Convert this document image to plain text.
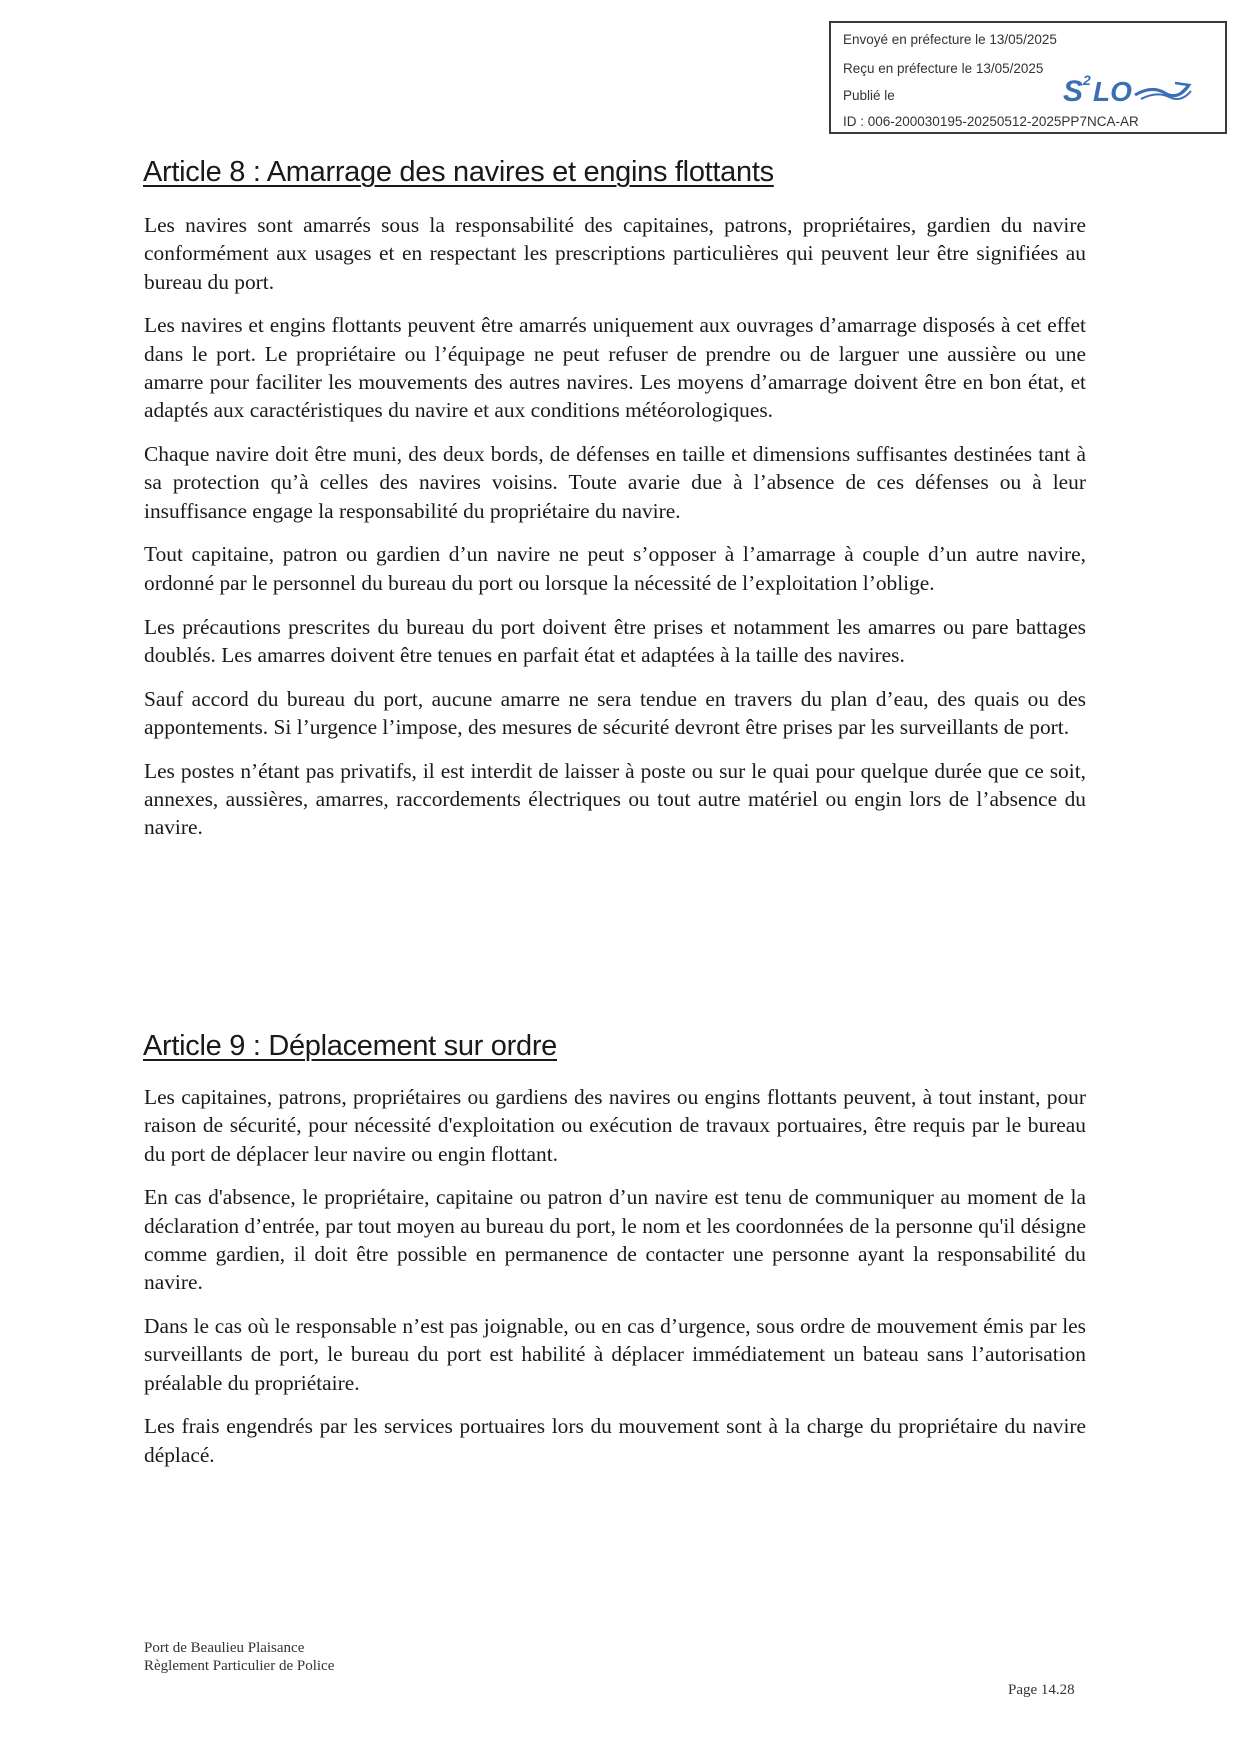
Envoyé en préfecture le 13/05/2025
Reçu en préfecture le 13/05/2025
Publié le
ID : 006-200030195-20250512-2025PP7NCA-AR
S 2 LO
Article 8 : Amarrage des navires et engins flottants

Les navires sont amarrés sous la responsabilité des capitaines, patrons, propriétaires, gardien du navire conformément aux usages et en respectant les prescriptions particulières qui peuvent leur être signifiées au bureau du port.

Les navires et engins flottants peuvent être amarrés uniquement aux ouvrages d’amarrage disposés à cet effet dans le port. Le propriétaire ou l’équipage ne peut refuser de prendre ou de larguer une aussière ou une amarre pour faciliter les mouvements des autres navires. Les moyens d’amarrage doivent être en bon état, et adaptés aux caractéristiques du navire et aux conditions météorologiques.

Chaque navire doit être muni, des deux bords, de défenses en taille et dimensions suffisantes destinées tant à sa protection qu’à celles des navires voisins. Toute avarie due à l’absence de ces défenses ou à leur insuffisance engage la responsabilité du propriétaire du navire.

Tout capitaine, patron ou gardien d’un navire ne peut s’opposer à l’amarrage à couple d’un autre navire, ordonné par le personnel du bureau du port ou lorsque la nécessité de l’exploitation l’oblige.

Les précautions prescrites du bureau du port doivent être prises et notamment les amarres ou pare battages doublés. Les amarres doivent être tenues en parfait état et adaptées à la taille des navires.

Sauf accord du bureau du port, aucune amarre ne sera tendue en travers du plan d’eau, des quais ou des appontements. Si l’urgence l’impose, des mesures de sécurité devront être prises par les surveillants de port.

Les postes n’étant pas privatifs, il est interdit de laisser à poste ou sur le quai pour quelque durée que ce soit, annexes, aussières, amarres, raccordements électriques ou tout autre matériel ou engin lors de l’absence du navire.

Article 9 : Déplacement sur ordre

Les capitaines, patrons, propriétaires ou gardiens des navires ou engins flottants peuvent, à tout instant, pour raison de sécurité, pour nécessité d'exploitation ou exécution de travaux portuaires, être requis par le bureau du port de déplacer leur navire ou engin flottant.

En cas d'absence, le propriétaire, capitaine ou patron d’un navire est tenu de communiquer au moment de la déclaration d’entrée, par tout moyen au bureau du port, le nom et les coordonnées de la personne qu'il désigne comme gardien, il doit être possible en permanence de contacter une personne ayant la responsabilité du navire.

Dans le cas où le responsable n’est pas joignable, ou en cas d’urgence, sous ordre de mouvement émis par les surveillants de port, le bureau du port est habilité à déplacer immédiatement un bateau sans l’autorisation préalable du propriétaire.

Les frais engendrés par les services portuaires lors du mouvement sont à la charge du propriétaire du navire déplacé.

Port de Beaulieu Plaisance
Règlement Particulier de Police
Page 14.28
